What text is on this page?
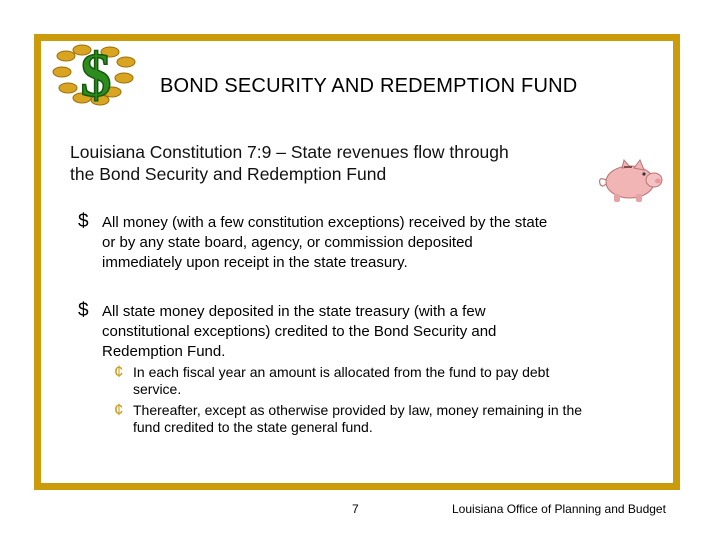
$ BOND SECURITY AND REDEMPTION FUND
Louisiana Constitution 7:9 – State revenues flow through
the Bond Security and Redemption Fund
$ All money (with a few constitution exceptions) received by the state
or by any state board, agency, or commission deposited
immediately upon receipt in the state treasury.
$ All state money deposited in the state treasury (with a few
constitutional exceptions) credited to the Bond Security and
Redemption Fund.
¢ In each fiscal year an amount is allocated from the fund to pay debt
service.
¢ Thereafter, except as otherwise provided by law, money remaining in the
fund credited to the state general fund.
7	Louisiana Office of Planning and Budget
